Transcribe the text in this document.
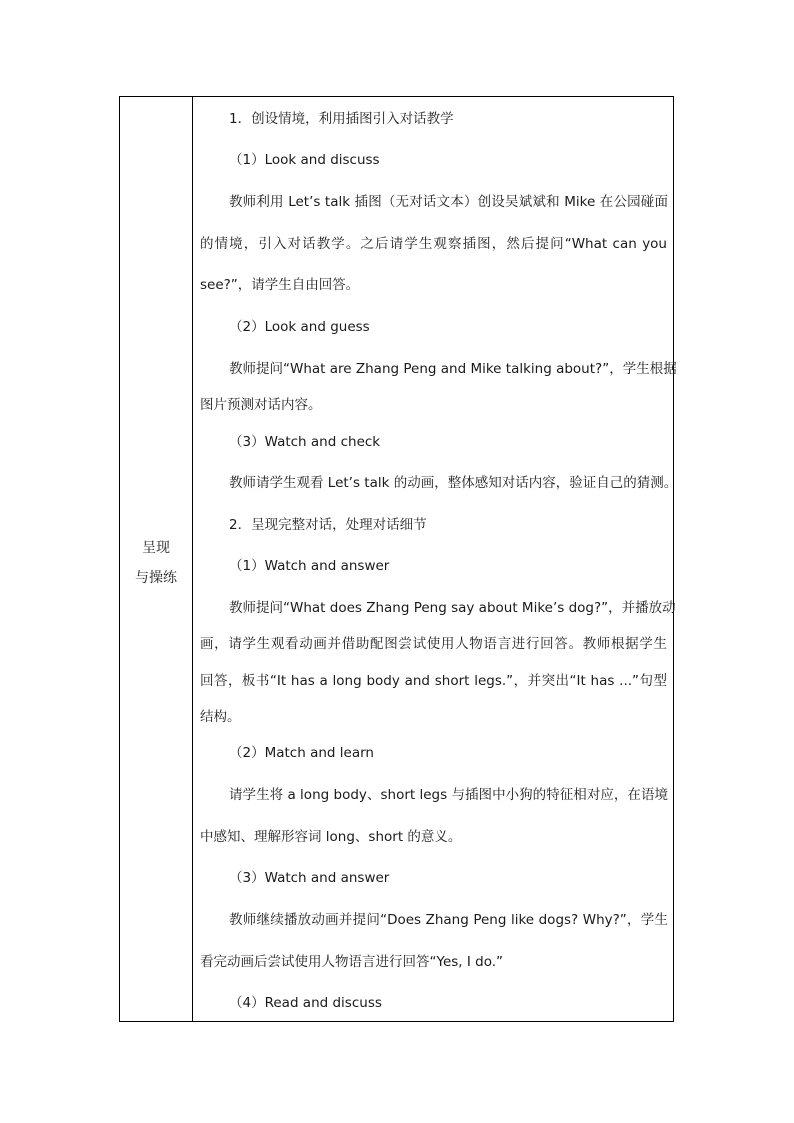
呈现
与操练
1．创设情境，利用插图引入对话教学
（1）Look and discuss
教师利用 Let’s talk 插图（无对话文本）创设吴斌斌和 Mike 在公园碰面
的情境，引入对话教学。之后请学生观察插图，然后提问“What can you
see?”，请学生自由回答。
（2）Look and guess
教师提问“What are Zhang Peng and Mike talking about?”，学生根据
图片预测对话内容。
（3）Watch and check
教师请学生观看 Let’s talk 的动画，整体感知对话内容，验证自己的猜测。
2．呈现完整对话，处理对话细节
（1）Watch and answer
教师提问“What does Zhang Peng say about Mike’s dog?”，并播放动
画，请学生观看动画并借助配图尝试使用人物语言进行回答。教师根据学生
回答，板书“It has a long body and short legs.”，并突出“It has ...”句型
结构。
（2）Match and learn
请学生将 a long body、short legs 与插图中小狗的特征相对应，在语境
中感知、理解形容词 long、short 的意义。
（3）Watch and answer
教师继续播放动画并提问“Does Zhang Peng like dogs? Why?”，学生
看完动画后尝试使用人物语言进行回答“Yes, I do.”
（4）Read and discuss
